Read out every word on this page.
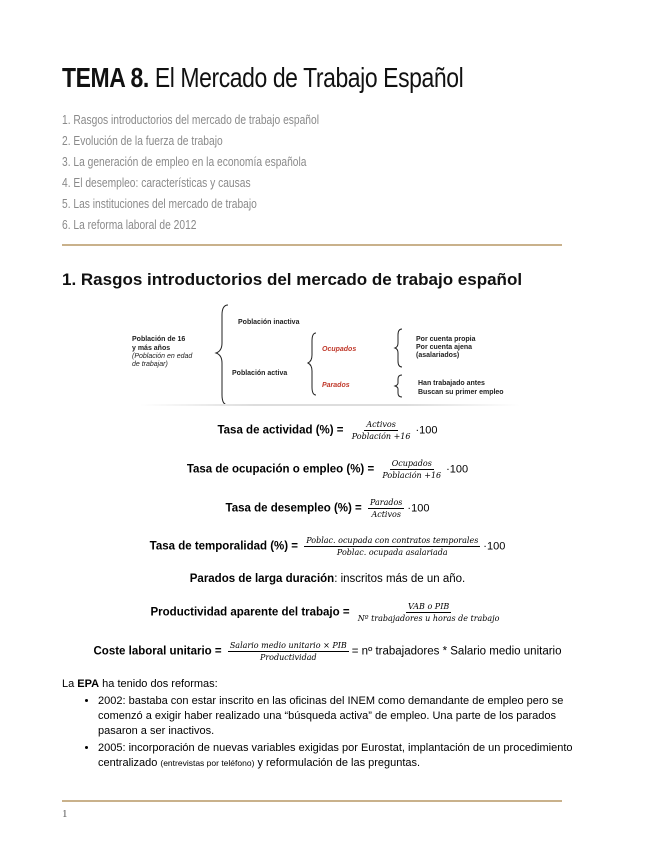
TEMA 8. El Mercado de Trabajo Español
1. Rasgos introductorios del mercado de trabajo español
2. Evolución de la fuerza de trabajo
3. La generación de empleo en la economía española
4. El desempleo: características y causas
5. Las instituciones del mercado de trabajo
6. La reforma laboral de 2012
1. Rasgos introductorios del mercado de trabajo español
Población de 16
y más años
(Población en edad
de trabajar)
Población inactiva
Población activa
Ocupados
Parados
Por cuenta propia
Por cuenta ajena
(asalariados)
Han trabajado antes
Buscan su primer empleo
Tasa de actividad (%) = $\frac{\text{Activos}}{\text{Población +16}} \cdot 100$
Tasa de ocupación o empleo (%) = $\frac{\text{Ocupados}}{\text{Población +16}} \cdot 100$
Tasa de desempleo (%) = $\frac{\text{Parados}}{\text{Activos}} \cdot 100$
Tasa de temporalidad (%) = $\frac{\text{Poblac. ocupada con contratos temporales}}{\text{Poblac. ocupada asalariada}} \cdot 100$
Parados de larga duración: inscritos más de un año.
Productividad aparente del trabajo = $\frac{\text{VAB o PIB}}{\text{Nº trabajadores u horas de trabajo}}$
Coste laboral unitario = $\frac{\text{Salario medio unitario × PIB}}{\text{Productividad}}$ = nº trabajadores * Salario medio unitario
La EPA ha tenido dos reformas:
• 2002: bastaba con estar inscrito en las oficinas del INEM como demandante de empleo pero se comenzó a exigir haber realizado una “búsqueda activa” de empleo. Una parte de los parados pasaron a ser inactivos.
• 2005: incorporación de nuevas variables exigidas por Eurostat, implantación de un procedimiento centralizado (entrevistas por teléfono) y reformulación de las preguntas.
1
